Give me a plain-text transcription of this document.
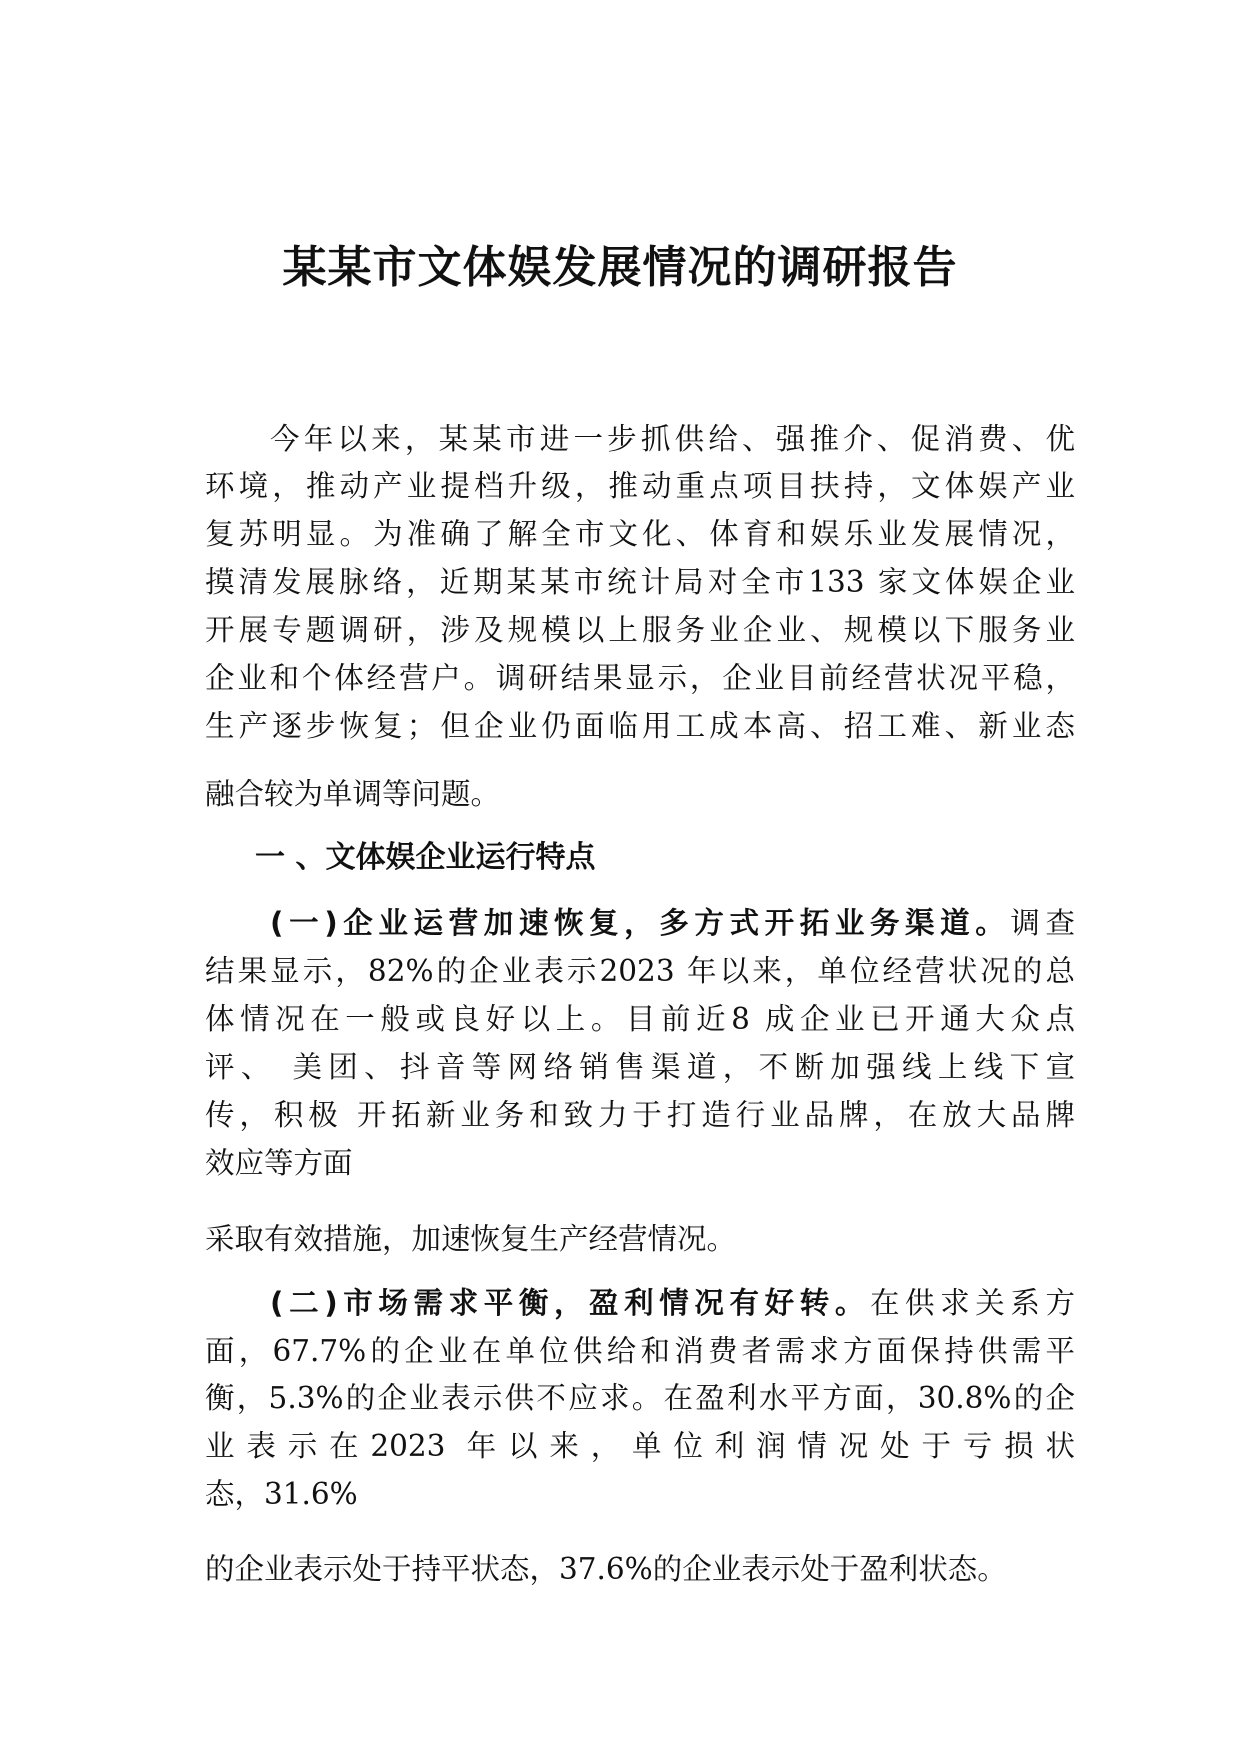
某某市文体娱发展情况的调研报告
今年以来，某某市进一步抓供给、强推介、促消费、优
环境，推动产业提档升级，推动重点项目扶持，文体娱产业
复苏明显。为准确了解全市文化、体育和娱乐业发展情况，
摸清发展脉络，近期某某市统计局对全市133 家文体娱企业
开展专题调研，涉及规模以上服务业企业、规模以下服务业
企业和个体经营户。调研结果显示，企业目前经营状况平稳，
生产逐步恢复；但企业仍面临用工成本高、招工难、新业态
融合较为单调等问题。
一 、文体娱企业运行特点
(一)企业运营加速恢复，多方式开拓业务渠道。调查
结果显示，82%的企业表示2023 年以来，单位经营状况的总
体情况在一般或良好以上。目前近8 成企业已开通大众点
评、 美团、抖音等网络销售渠道，不断加强线上线下宣
传，积极 开拓新业务和致力于打造行业品牌，在放大品牌
效应等方面
采取有效措施，加速恢复生产经营情况。
(二)市场需求平衡，盈利情况有好转。在供求关系方
面，67.7%的企业在单位供给和消费者需求方面保持供需平
衡，5.3%的企业表示供不应求。在盈利水平方面，30.8%的企
业表示在2023 年以来，单位利润情况处于亏损状
态，31.6%
的企业表示处于持平状态，37.6%的企业表示处于盈利状态。
